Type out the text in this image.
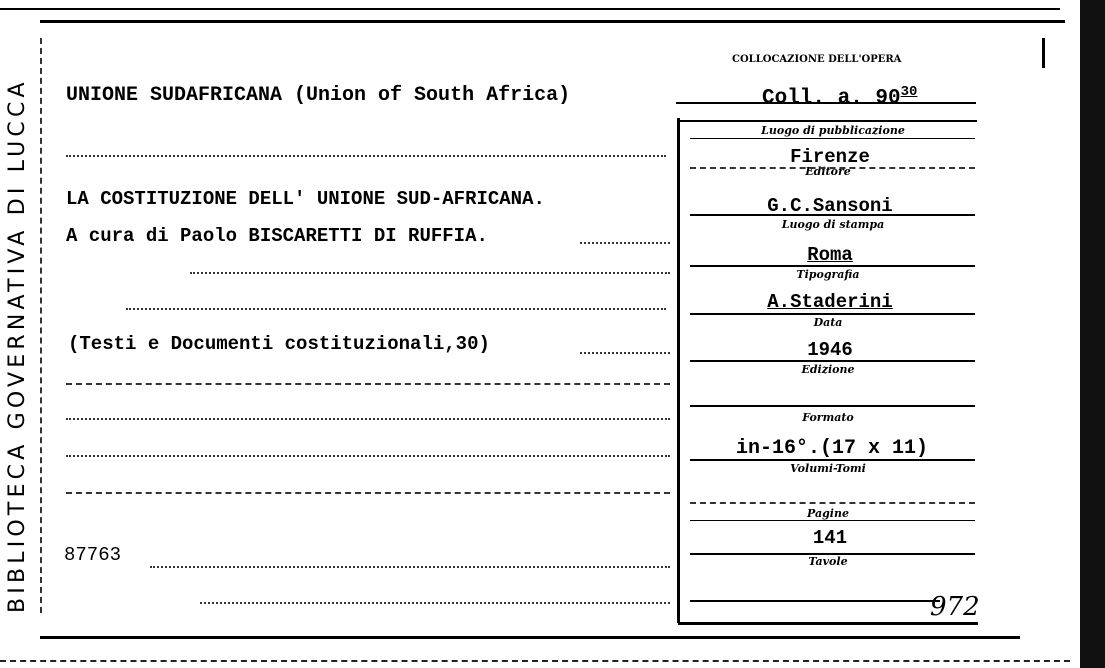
BIBLIOTECA GOVERNATIVA DI LUCCA UNIONE SUDAFRICANA (Union of South Africa)
LA COSTITUZIONE DELL' UNIONE SUD-AFRICANA.
A cura di Paolo BISCARETTI DI RUFFIA.
(Testi e Documenti costituzionali,30)
87763
COLLOCAZIONE DELL'OPERA
Coll. a. $90^{30}$
Luogo di pubblicazione
Firenze
Editore
G.C.Sansoni
Luogo di stampa
Roma
Tipografia
A.Staderini
Data
1946
Edizione
Formato
in-16°.(17 x 11)
Volumi-Tomi
Pagine
141
Tavole
972
